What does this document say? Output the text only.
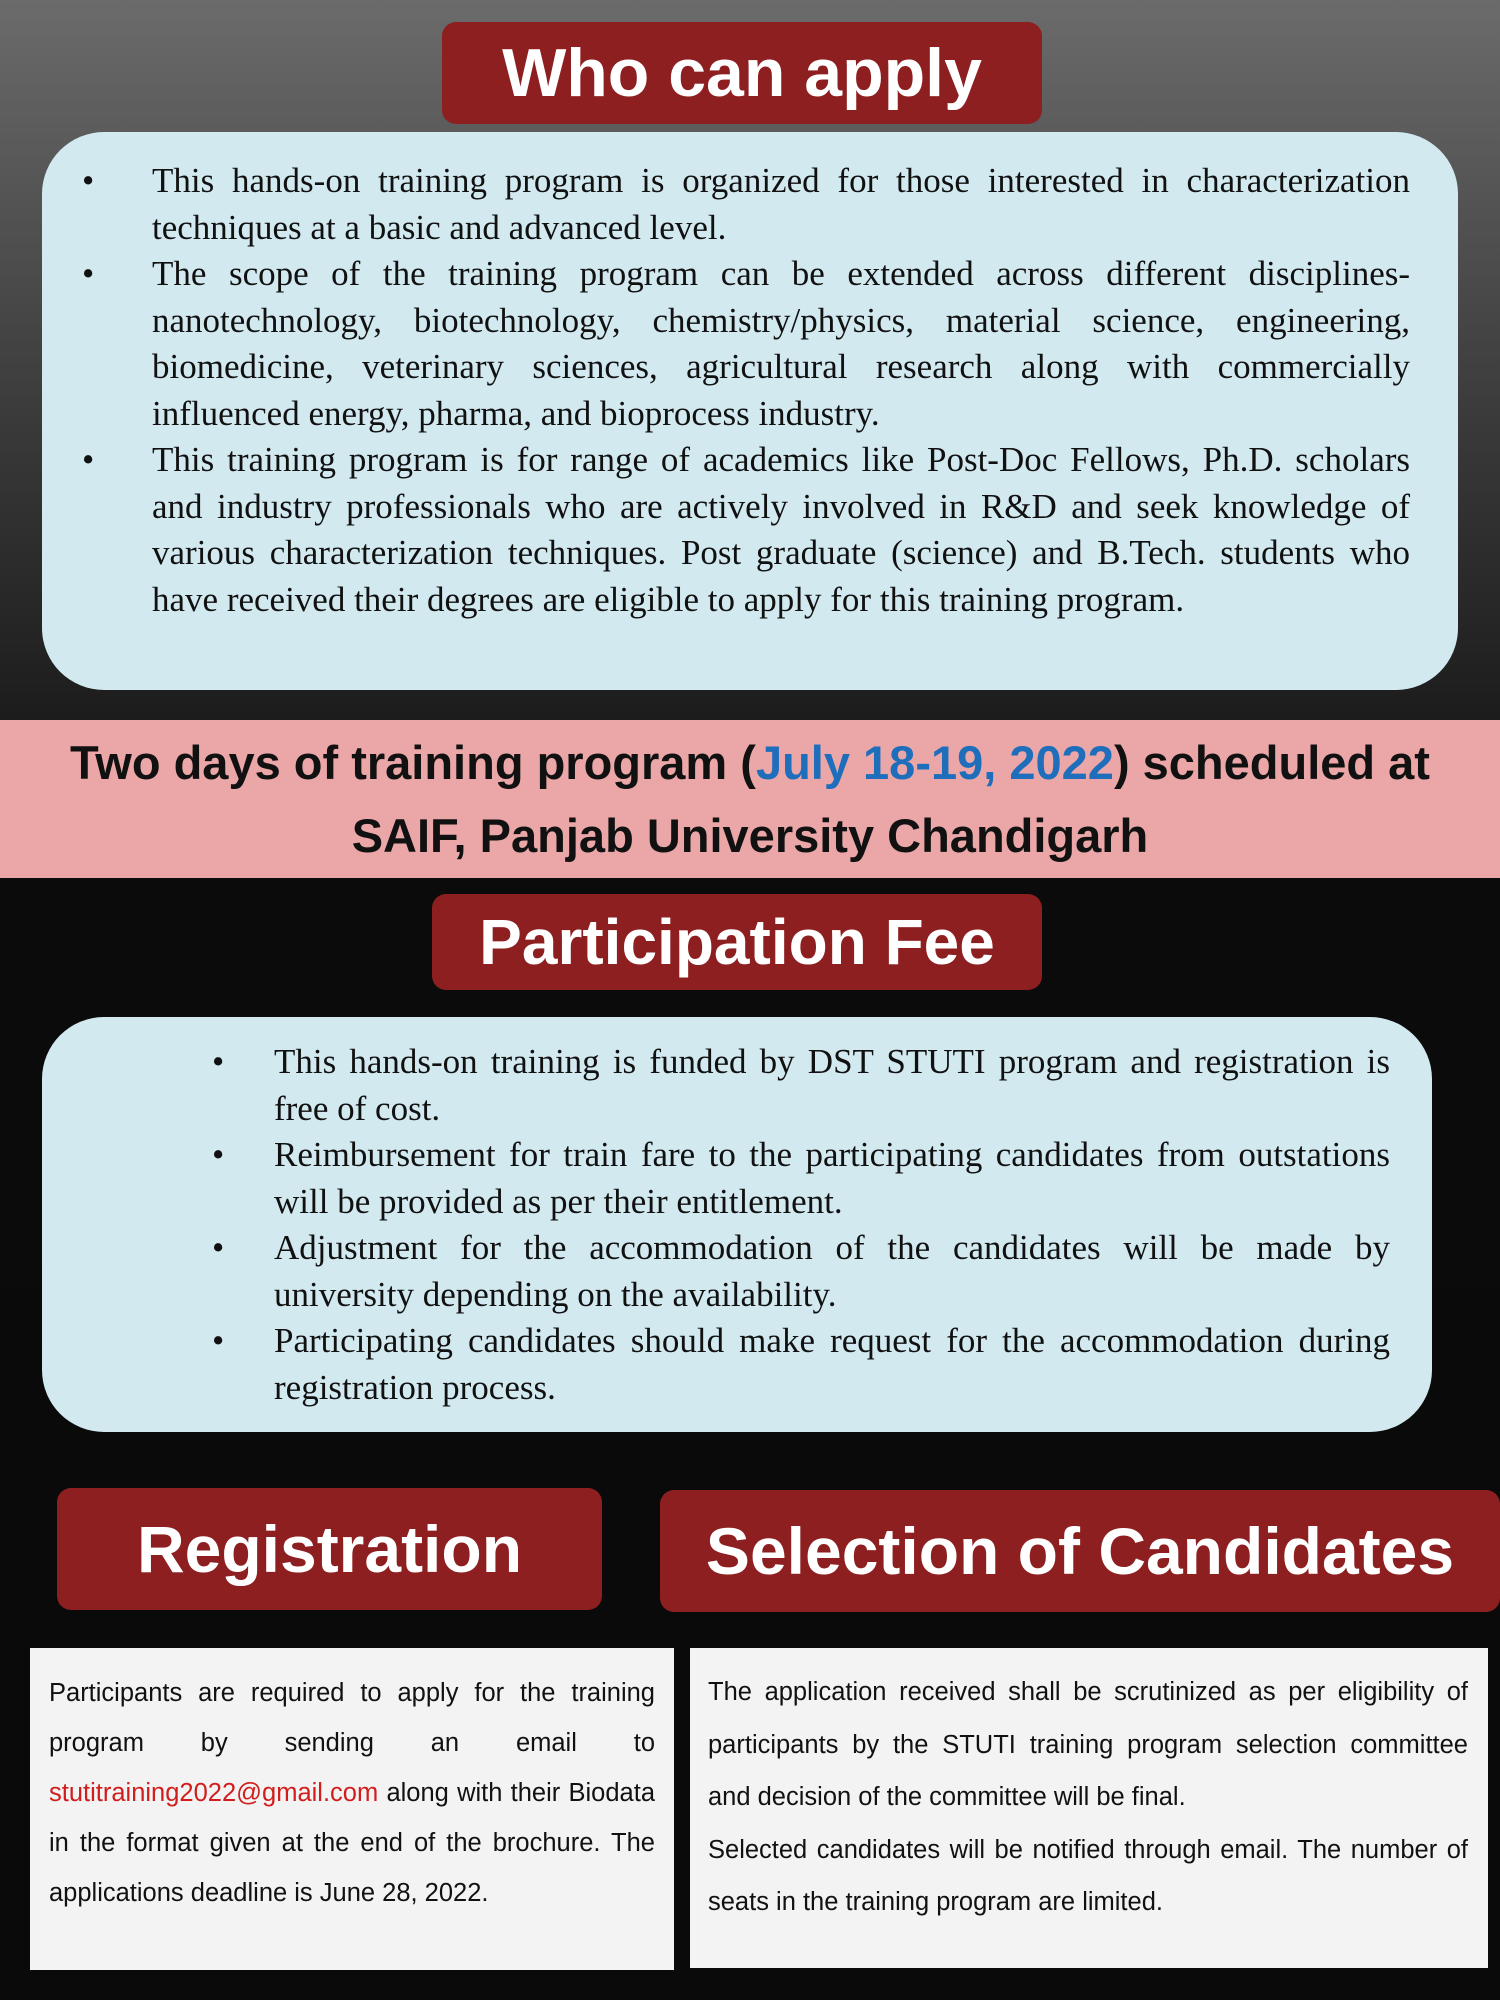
Who can apply
• This hands-on training program is organized for those interested in characterization techniques at a basic and advanced level.
• The scope of the training program can be extended across different disciplines-nanotechnology, biotechnology, chemistry/physics, material science, engineering, biomedicine, veterinary sciences, agricultural research along with commercially influenced energy, pharma, and bioprocess industry.
• This training program is for range of academics like Post-Doc Fellows, Ph.D. scholars and industry professionals who are actively involved in R&D and seek knowledge of various characterization techniques. Post graduate (science) and B.Tech. students who have received their degrees are eligible to apply for this training program.
Two days of training program (July 18-19, 2022) scheduled at
SAIF, Panjab University Chandigarh
Participation Fee
• This hands-on training is funded by DST STUTI program and registration is free of cost.
• Reimbursement for train fare to the participating candidates from outstations will be provided as per their entitlement.
• Adjustment for the accommodation of the candidates will be made by university depending on the availability.
• Participating candidates should make request for the accommodation during registration process.
Registration
Participants are required to apply for the training program by sending an email to stutitraining2022@gmail.com along with their Biodata in the format given at the end of the brochure. The applications deadline is June 28, 2022.
Selection of Candidates
The application received shall be scrutinized as per eligibility of participants by the STUTI training program selection committee and decision of the committee will be final.
Selected candidates will be notified through email. The number of seats in the training program are limited.
